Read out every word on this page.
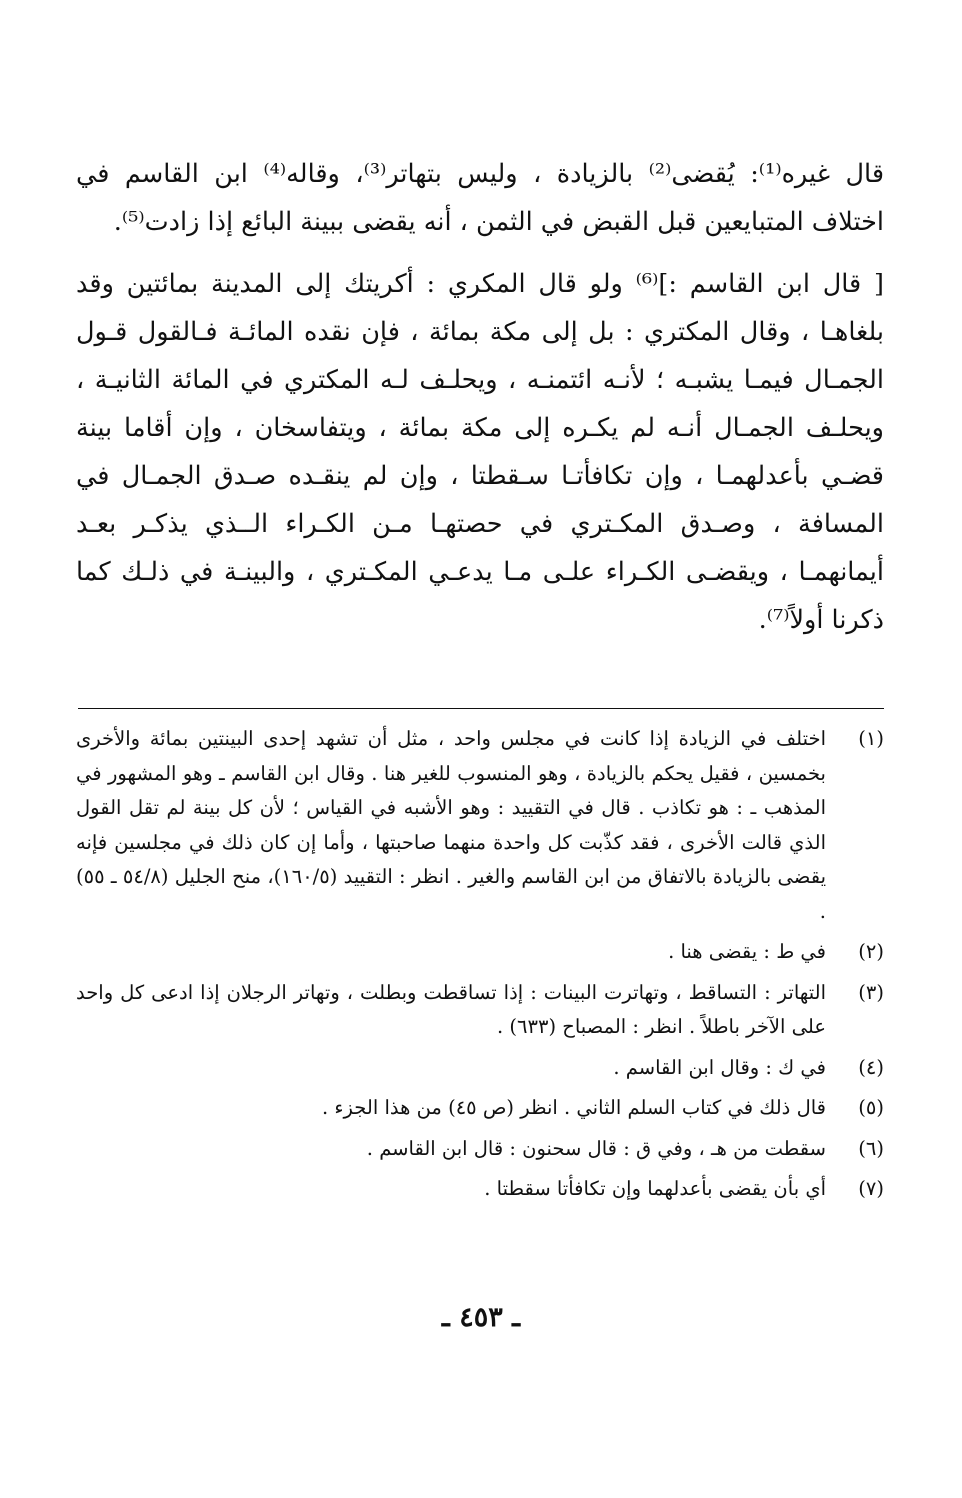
قال غيره⁽¹⁾: يُقضى⁽²⁾ بالزيادة ، وليس بتهاتر⁽³⁾، وقاله⁽⁴⁾ ابن القاسم في اختلاف المتبايعين قبل القبض في الثمن ، أنه يقضى ببينة البائع إذا زادت⁽⁵⁾.

[ قال ابن القاسم :]⁽⁶⁾ ولو قال المكري : أكريتك إلى المدينة بمائتين وقد بلغاهـا ، وقال المكتري : بل إلى مكة بمائة ، فإن نقده المائـة فـالقول قـول الجمـال فيمـا يشبـه ؛ لأنـه ائتمنـه ، ويحلـف لـه المكتري في المائة الثانيـة ، ويحلـف الجمـال أنـه لم يكـره إلى مكة بمائة ، ويتفاسخان ، وإن أقاما بينة قضـي بأعدلهمـا ، وإن تكافأتـا سـقطتا ، وإن لم ينقـده صـدق الجمـال في المسافة ، وصـدق المكـتري في حصتهـا مـن الكـراء الــذي يذكـر بعـد أيمانهمـا ، ويقضـى الكـراء علـى مـا يدعـي المكـتري ، والبينـة في ذلـك كما ذكرنا أولاً⁽⁷⁾.

(١)
اختلف في الزيادة إذا كانت في مجلس واحد ، مثل أن تشهد إحدى البينتين بمائة والأخرى بخمسين ، فقيل يحكم بالزيادة ، وهو المنسوب للغير هنا . وقال ابن القاسم ـ وهو المشهور في المذهب ـ : هو تكاذب . قال في التقييد : وهو الأشبه في القياس ؛ لأن كل بينة لم تقل القول الذي قالت الأخرى ، فقد كذّبت كل واحدة منهما صاحبتها ، وأما إن كان ذلك في مجلسين فإنه يقضى بالزيادة بالاتفاق من ابن القاسم والغير . انظر : التقييد (١٦٠/٥)، منح الجليل (٥٤/٨ ـ ٥٥) .
(٢)
في ط : يقضى هنا .
(٣)
التهاتر : التساقط ، وتهاترت البينات : إذا تساقطت وبطلت ، وتهاتر الرجلان إذا ادعى كل واحد على الآخر باطلاً . انظر : المصباح (٦٣٣) .
(٤)
في ك : وقال ابن القاسم .
(٥)
قال ذلك في كتاب السلم الثاني . انظر (ص ٤٥) من هذا الجزء .
(٦)
سقطت من هـ ، وفي ق : قال سحنون : قال ابن القاسم .
(٧)
أي بأن يقضى بأعدلهما وإن تكافأتا سقطتا .
ـ ٤٥٣ ـ
